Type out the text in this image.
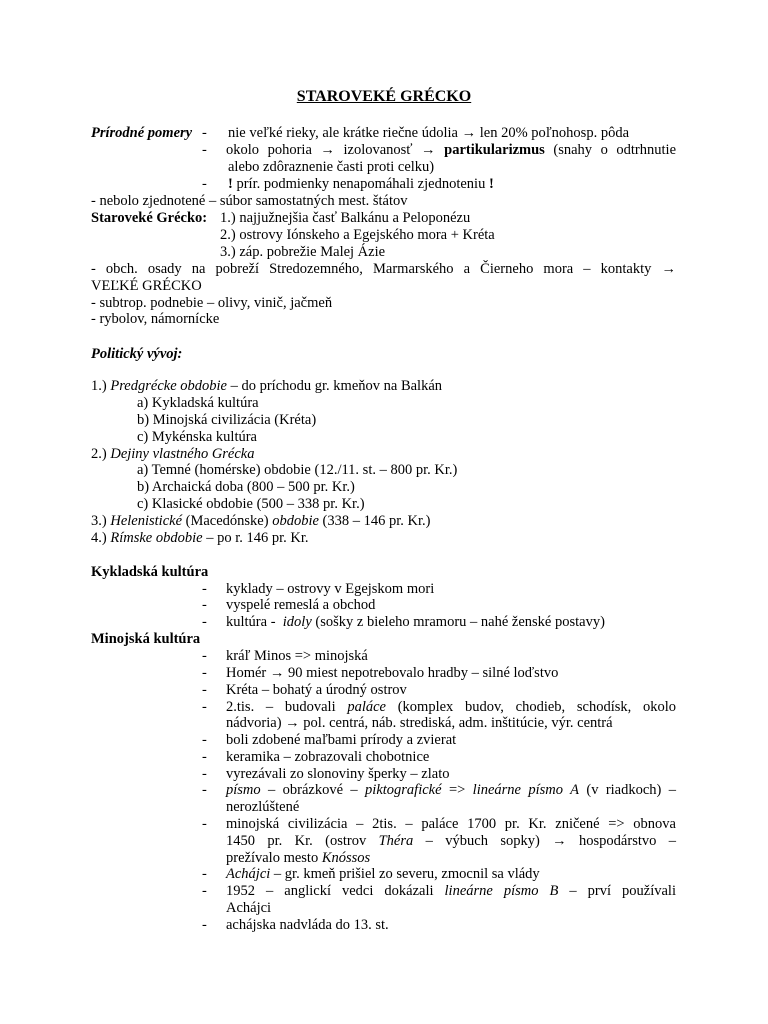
STAROVEKÉ GRÉCKO
Prírodné pomery - nie veľké rieky, ale krátke riečne údolia → len 20% poľnohosp. pôda
- okolo pohoria → izolovanosť → partikularizmus (snahy o odtrhnutie
alebo zdôraznenie časti proti celku)
- ! prír. podmienky nenapomáhali zjednoteniu !
- nebolo zjednotené – súbor samostatných mest. štátov
Staroveké Grécko: 1.) najjužnejšia časť Balkánu a Peloponézu
2.) ostrovy Iónskeho a Egejského mora + Kréta
3.) záp. pobrežie Malej Ázie
- obch. osady na pobreží Stredozemného, Marmarského a Čierneho mora – kontakty →
VEĽKÉ GRÉCKO
- subtrop. podnebie – olivy, vinič, jačmeň
- rybolov, námornícke
Politický vývoj:
1.) Predgrécke obdobie – do príchodu gr. kmeňov na Balkán
a) Kykladská kultúra
b) Minojská civilizácia (Kréta)
c) Mykénska kultúra
2.) Dejiny vlastného Grécka
a) Temné (homérske) obdobie (12./11. st. – 800 pr. Kr.)
b) Archaická doba (800 – 500 pr. Kr.)
c) Klasické obdobie (500 – 338 pr. Kr.)
3.) Helenistické (Macedónske) obdobie (338 – 146 pr. Kr.)
4.) Rímske obdobie – po r. 146 pr. Kr.
Kykladská kultúra
- kyklady – ostrovy v Egejskom mori
- vyspelé remeslá a obchod
- kultúra - idoly (sošky z bieleho mramoru – nahé ženské postavy)
Minojská kultúra
- kráľ Minos => minojská
- Homér → 90 miest nepotrebovalo hradby – silné loďstvo
- Kréta – bohatý a úrodný ostrov
- 2.tis. – budovali paláce (komplex budov, chodieb, schodísk, okolo
nádvoria) → pol. centrá, náb. strediská, adm. inštitúcie, výr. centrá
- boli zdobené maľbami prírody a zvierat
- keramika – zobrazovali chobotnice
- vyrezávali zo slonoviny šperky – zlato
- písmo – obrázkové – piktografické => lineárne písmo A (v riadkoch) –
nerozlúštené
- minojská civilizácia – 2tis. – paláce 1700 pr. Kr. zničené => obnova
1450 pr. Kr. (ostrov Théra – výbuch sopky) → hospodárstvo –
prežívalo mesto Knóssos
- Achájci – gr. kmeň prišiel zo severu, zmocnil sa vlády
- 1952 – anglickí vedci dokázali lineárne písmo B – prví používali
Achájci
- achájska nadvláda do 13. st.
